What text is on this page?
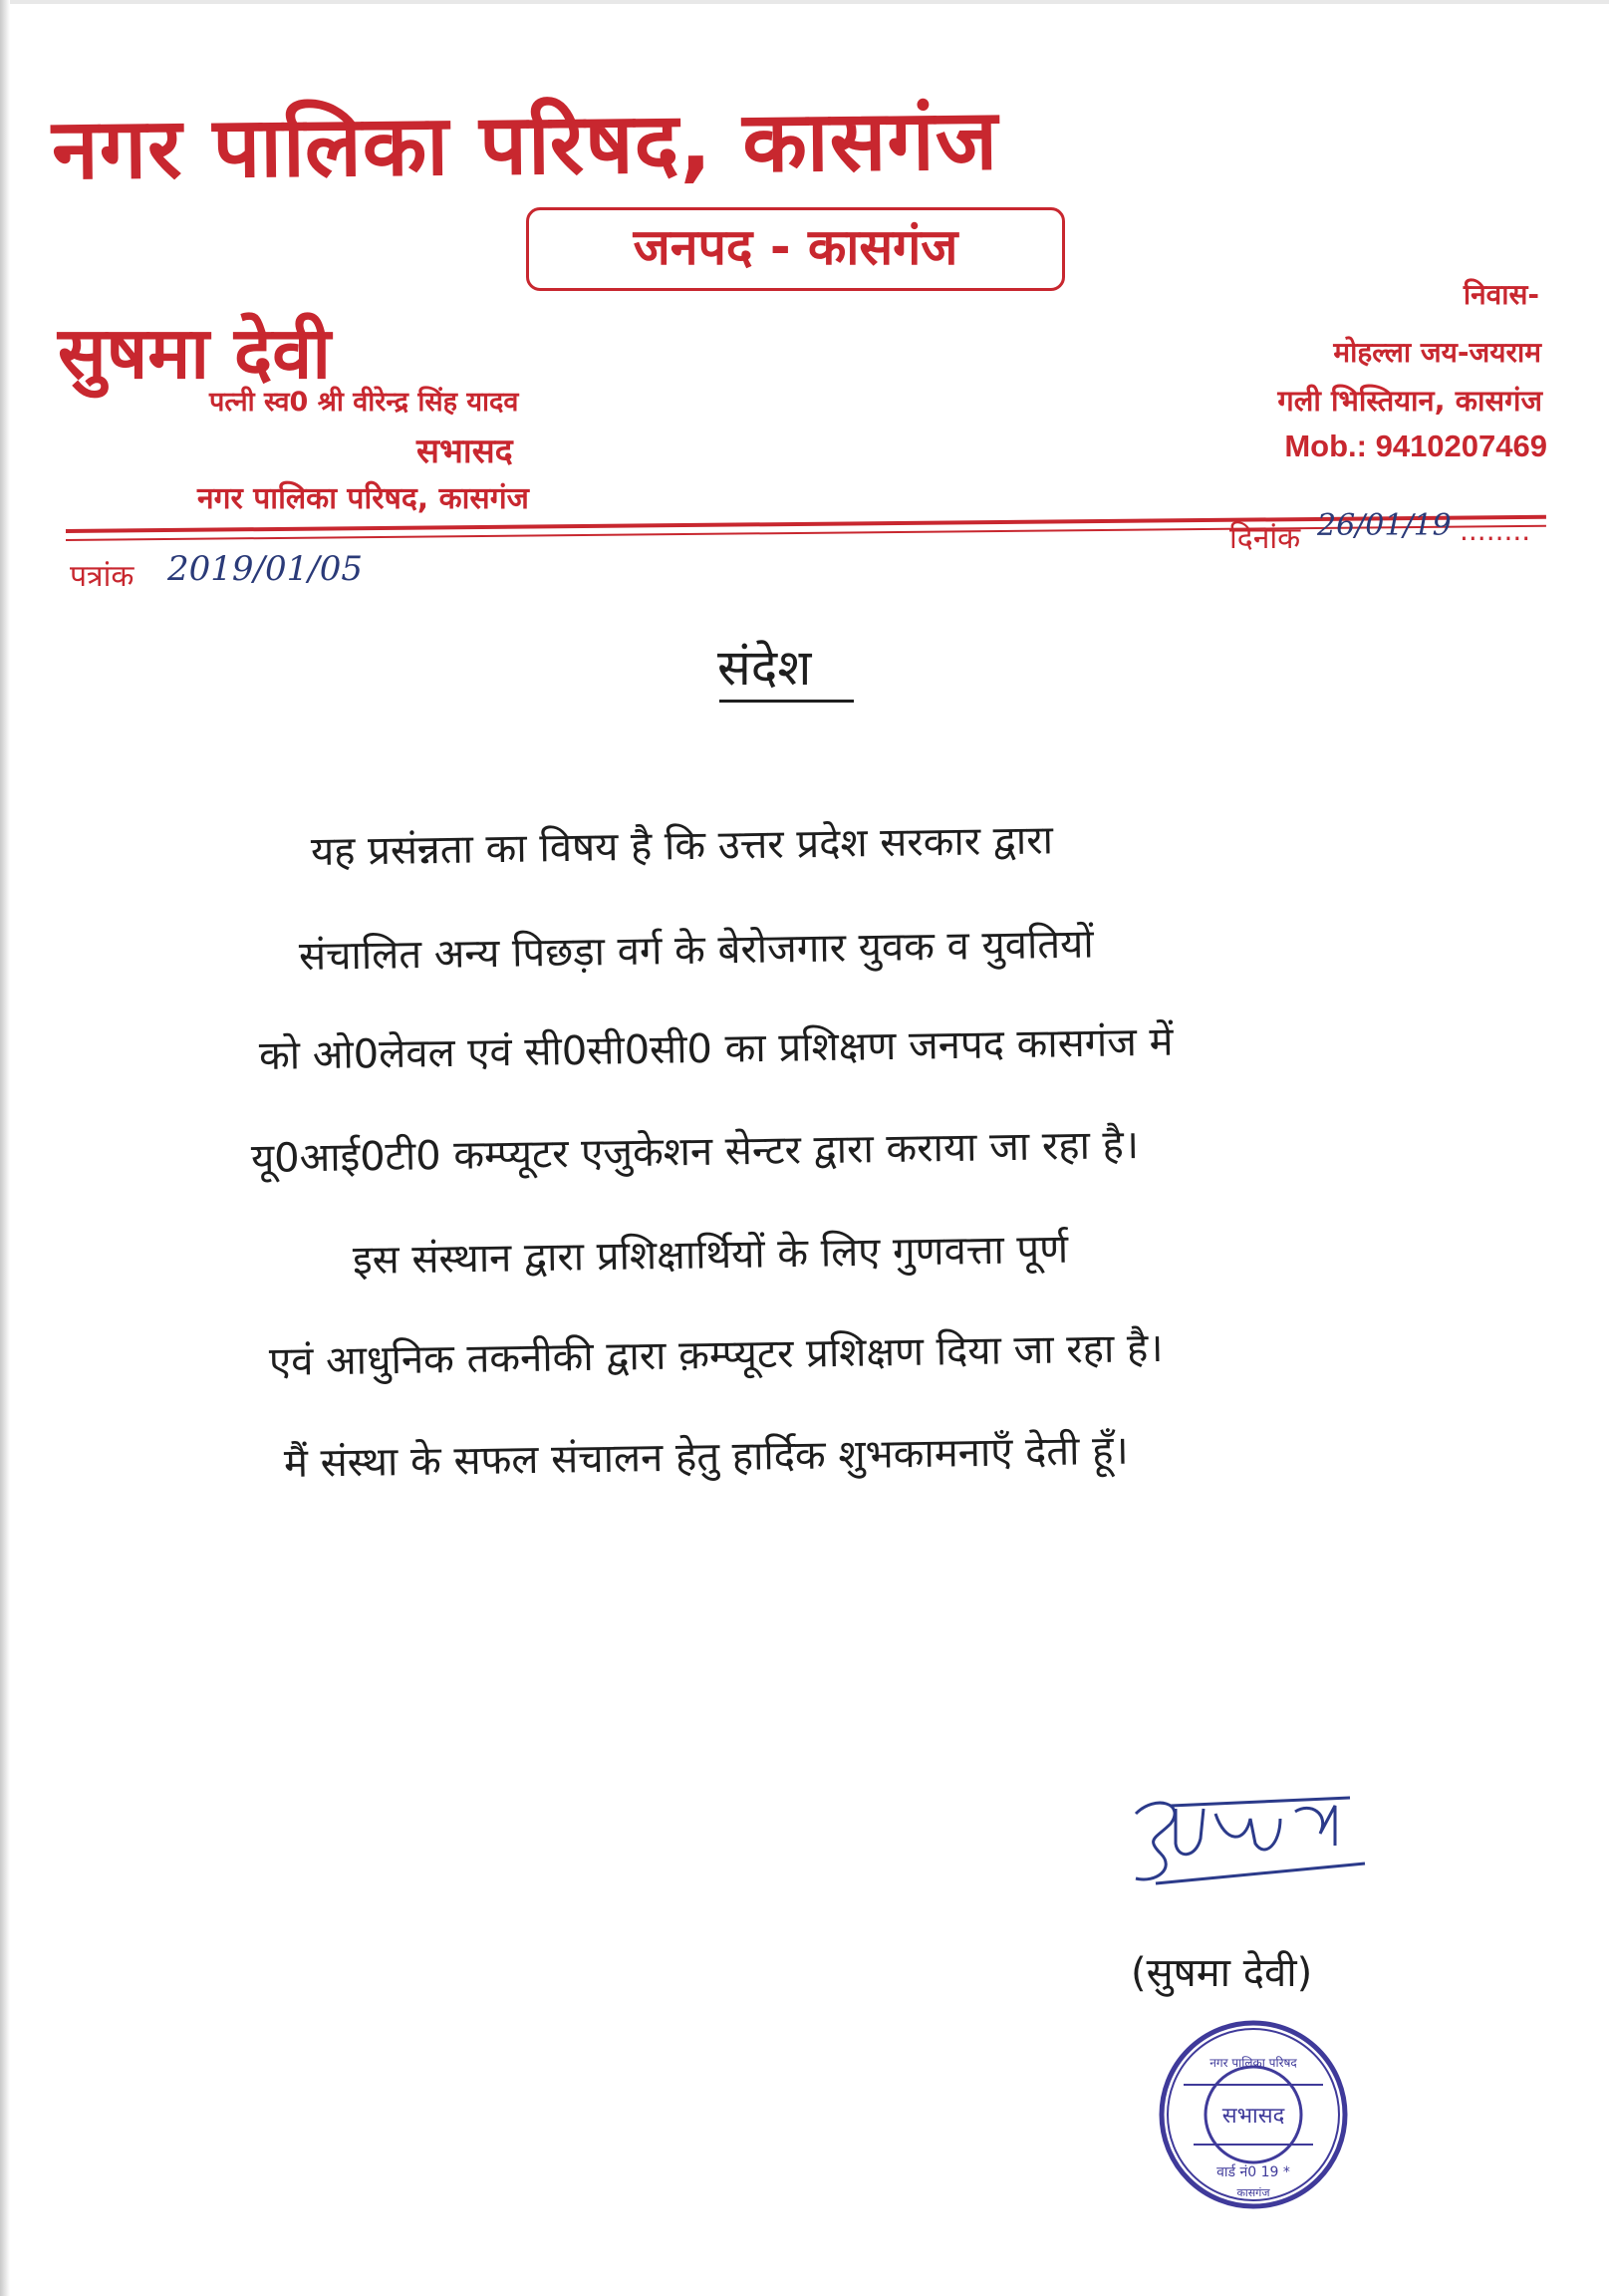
नगर पालिका परिषद, कासगंज
जनपद - कासगंज
सुषमा देवी
पत्नी स्व0 श्री वीरेन्द्र सिंह यादव
सभासद
नगर पालिका परिषद, कासगंज
निवास-
मोहल्ला जय-जयराम
गली भिस्तियान, कासगंज
Mob.: 9410207469
पत्रांक 2019/01/05
दिनांक 26/01/19 ........
संदेश
यह प्रसंन्नता का विषय है कि उत्तर प्रदेश सरकार द्वारा
संचालित अन्य पिछड़ा वर्ग के बेरोजगार युवक व युवतियों
को ओ0लेवल एवं सी0सी0सी0 का प्रशिक्षण जनपद कासगंज में
यू0आई0टी0 कम्प्यूटर एजुकेशन सेन्टर द्वारा कराया जा रहा है।
इस संस्थान द्वारा प्रशिक्षार्थियों के लिए गुणवत्ता पूर्ण
एवं आधुनिक तकनीकी द्वारा क़म्प्यूटर प्रशिक्षण दिया जा रहा है।
मैं संस्था के सफल संचालन हेतु हार्दिक शुभकामनाएँ देती हूँ।
(सुषमा देवी)
सभासद
नगर पालिका परिषद
वार्ड नं0 19 *
कासगंज
